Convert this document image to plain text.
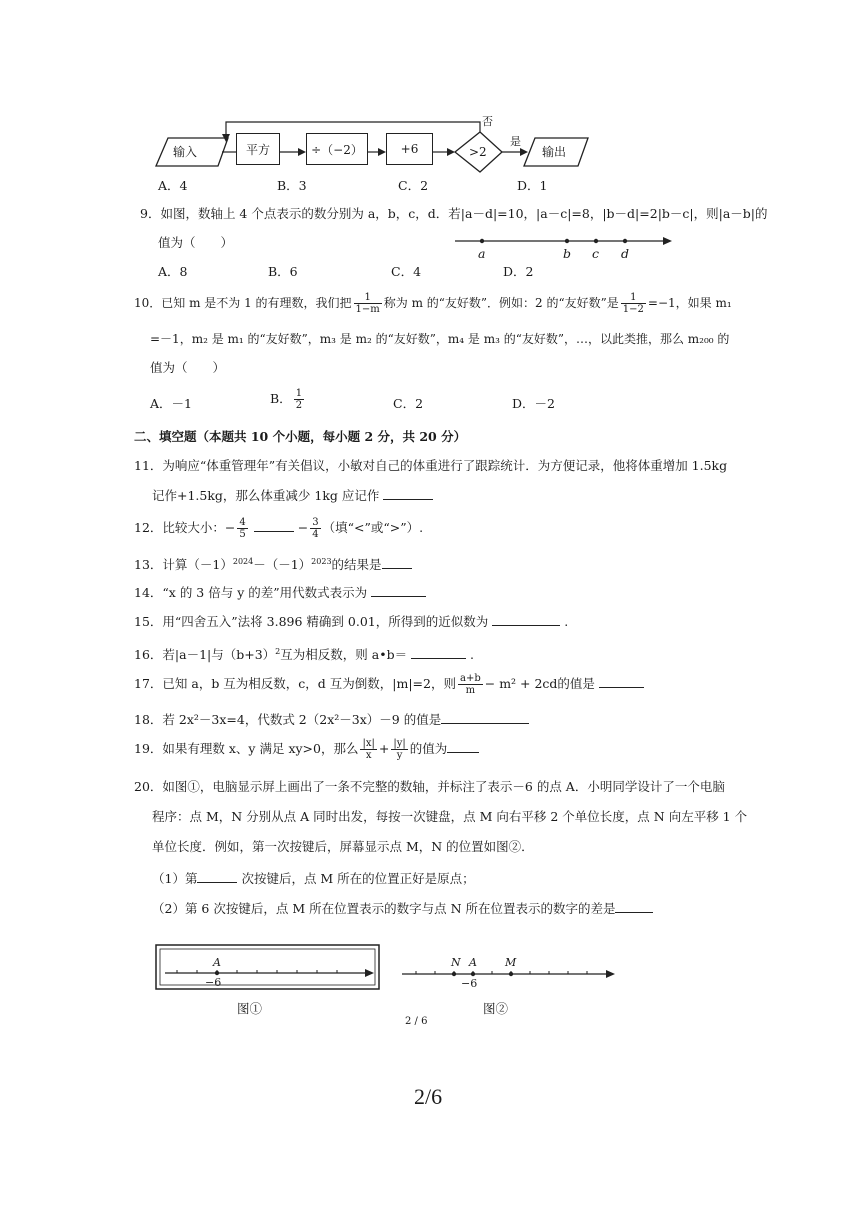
输入	平方	÷（−2）	+6	>2
否
是
输出
A．4	B．3	C．2	D．1
9．如图，数轴上 4 个点表示的数分别为 a，b，c，d．若|a－d|=10，|a－c|=8，|b－d|=2|b－c|，则|a－b|的
值为（　　）
a	b c d
A．8	B．6	C．4	D．2
10．已知 m 是不为 1 的有理数，我们把 $\frac{1}{1-m}$ 称为 m 的“友好数”．例如：2 的“友好数”是 $\frac{1}{1-2} =-1$，如果 m₁
=－1，m₂ 是 m₁ 的“友好数”，m₃ 是 m₂ 的“友好数”，m₄ 是 m₃ 的“友好数”，…，以此类推，那么 m₂₀₀ 的
值为（　　）
A．－1	B． $\frac{1}{2}$	C．2	D．－2
二、填空题（本题共 10 个小题，每小题 2 分，共 20 分）
11．为响应“体重管理年”有关倡议，小敏对自己的体重进行了跟踪统计．为方便记录，他将体重增加 1.5kg
记作+1.5kg，那么体重减少 1kg 应记作
12．比较大小：− $\frac{4}{5}$	− $\frac{3}{4}$ （填“<”或“>”）.
13．计算$(-1)^{2024}-(-1)^{2023}$的结果是
14．“x 的 3 倍与 y 的差”用代数式表示为
15．用“四舍五入”法将 3.896 精确到 0.01，所得到的近似数为	.
16．若|a－1|与$(b+3)^2$互为相反数，则 a•b＝	.
17．已知 a，b 互为相反数，c，d 互为倒数，|m|=2，则 $\frac{a+b}{m} - m^2 + 2cd$的值是
18．若 2x²－3x=4，代数式 2（2x²－3x）－9 的值是
19．如果有理数 x、y 满足 xy>0，那么 $\frac{|x|}{x} + \frac{|y|}{y}$ 的值为
20．如图①，电脑显示屏上画出了一条不完整的数轴，并标注了表示－6 的点 A．小明同学设计了一个电脑
程序：点 M，N 分别从点 A 同时出发，每按一次键盘，点 M 向右平移 2 个单位长度，点 N 向左平移 1 个
单位长度．例如，第一次按键后，屏幕显示点 M，N 的位置如图②．
（1）第	次按键后，点 M 所在的位置正好是原点；
（2）第 6 次按键后，点 M 所在位置表示的数字与点 N 所在位置表示的数字的差是
A
−6
图①
N A	M
−6
图②
2 / 6
2/6
